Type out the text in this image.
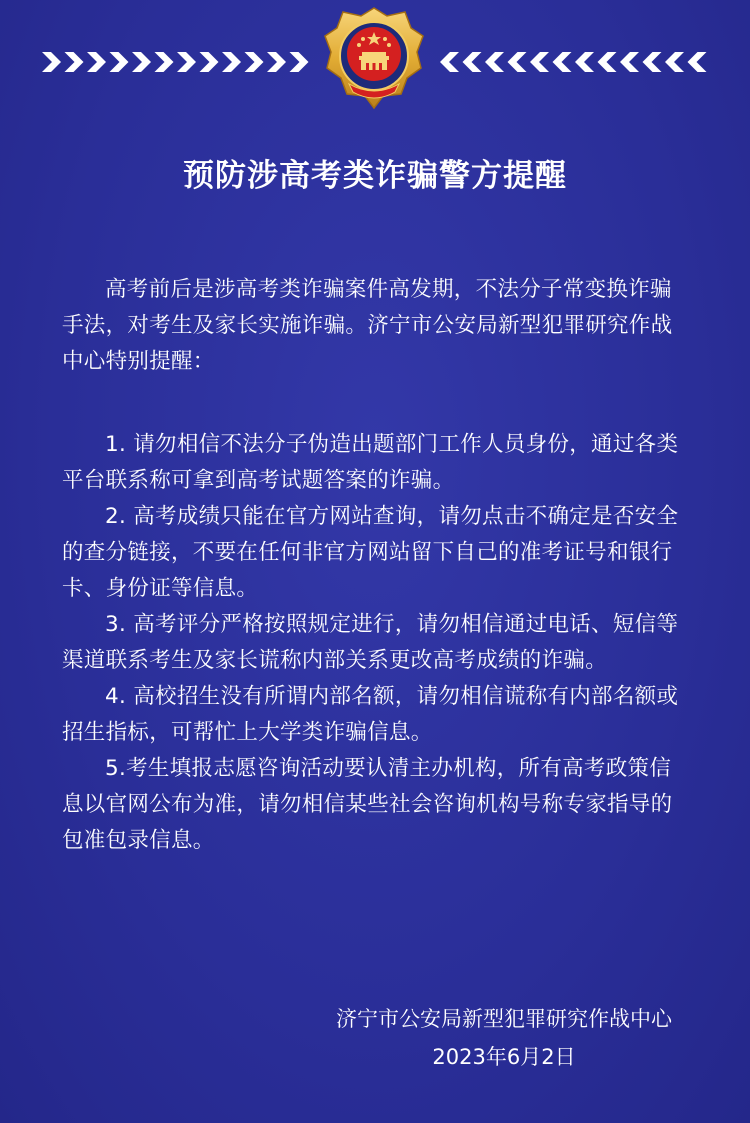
预防涉高考类诈骗警方提醒

高考前后是涉高考类诈骗案件高发期，不法分子常变换诈骗手法，对考生及家长实施诈骗。济宁市公安局新型犯罪研究作战中心特别提醒：

1. 请勿相信不法分子伪造出题部门工作人员身份，通过各类平台联系称可拿到高考试题答案的诈骗。

2. 高考成绩只能在官方网站查询，请勿点击不确定是否安全的查分链接，不要在任何非官方网站留下自己的准考证号和银行卡、身份证等信息。

3. 高考评分严格按照规定进行，请勿相信通过电话、短信等渠道联系考生及家长谎称内部关系更改高考成绩的诈骗。

4. 高校招生没有所谓内部名额，请勿相信谎称有内部名额或招生指标，可帮忙上大学类诈骗信息。

5.考生填报志愿咨询活动要认清主办机构，所有高考政策信息以官网公布为准，请勿相信某些社会咨询机构号称专家指导的包准包录信息。

济宁市公安局新型犯罪研究作战中心
2023年6月2日
